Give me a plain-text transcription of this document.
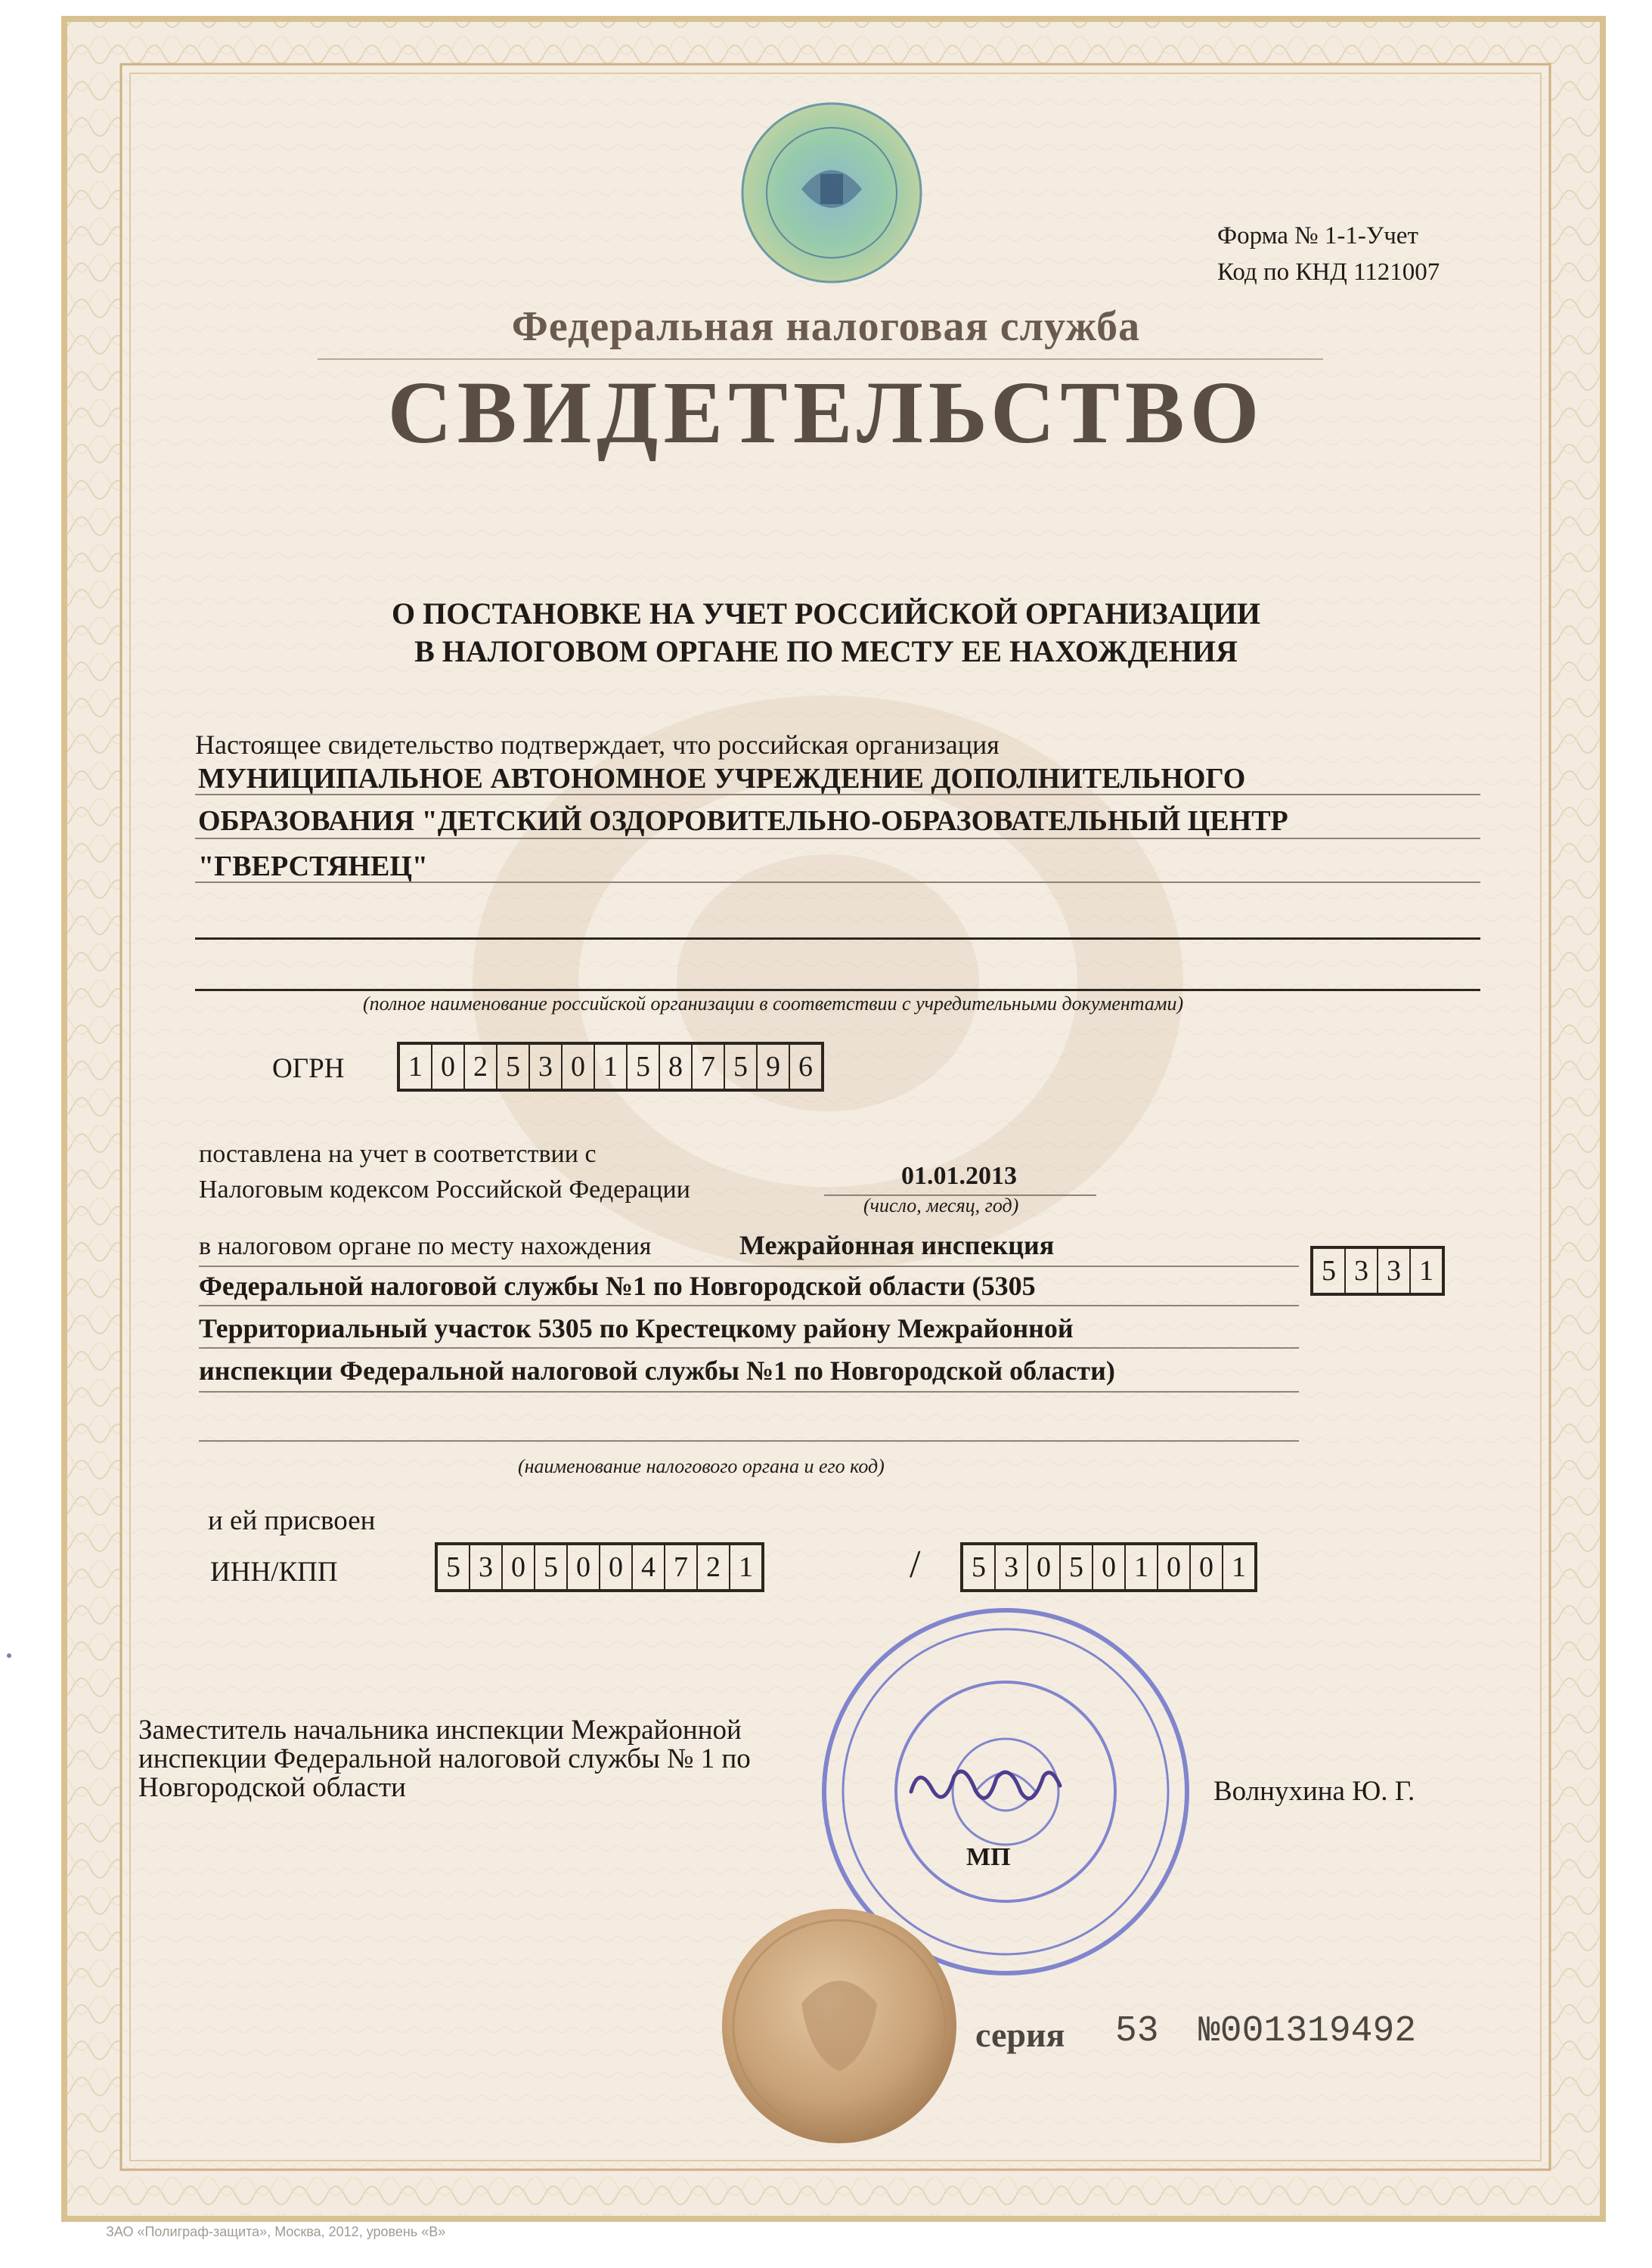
Форма № 1-1-Учет
Код по КНД 1121007
Федеральная налоговая служба
СВИДЕТЕЛЬСТВО
О ПОСТАНОВКЕ НА УЧЕТ РОССИЙСКОЙ ОРГАНИЗАЦИИ
В НАЛОГОВОМ ОРГАНЕ ПО МЕСТУ ЕЕ НАХОЖДЕНИЯ
Настоящее свидетельство подтверждает, что российская организация
МУНИЦИПАЛЬНОЕ АВТОНОМНОЕ УЧРЕЖДЕНИЕ ДОПОЛНИТЕЛЬНОГО
ОБРАЗОВАНИЯ "ДЕТСКИЙ ОЗДОРОВИТЕЛЬНО-ОБРАЗОВАТЕЛЬНЫЙ ЦЕНТР
"ГВЕРСТЯНЕЦ"
(полное наименование российской организации в соответствии с учредительными документами)
ОГРН 1 0 2 5 3 0 1 5 8 7 5 9 6
поставлена на учет в соответствии с
Налоговым кодексом Российской Федерации	01.01.2013
(число, месяц, год)
в налоговом органе по месту нахождения	Межрайонная инспекция
Федеральной налоговой службы №1 по Новгородской области (5305
Территориальный участок 5305 по Крестецкому району Межрайонной
инспекции Федеральной налоговой службы №1 по Новгородской области)
(наименование налогового органа и его код)
5 3 3 1
и ей присвоен
ИНН/КПП	5 3 0 5 0 0 4 7 2 1	/ 5 3 0 5 0 1 0 0 1
Заместитель начальника инспекции Межрайонной
инспекции Федеральной налоговой службы № 1 по
Новгородской области	Волнухина Ю. Г.
МП
серия 53 №001319492
ЗАО «Полиграф-защита», Москва, 2012, уровень «В»
